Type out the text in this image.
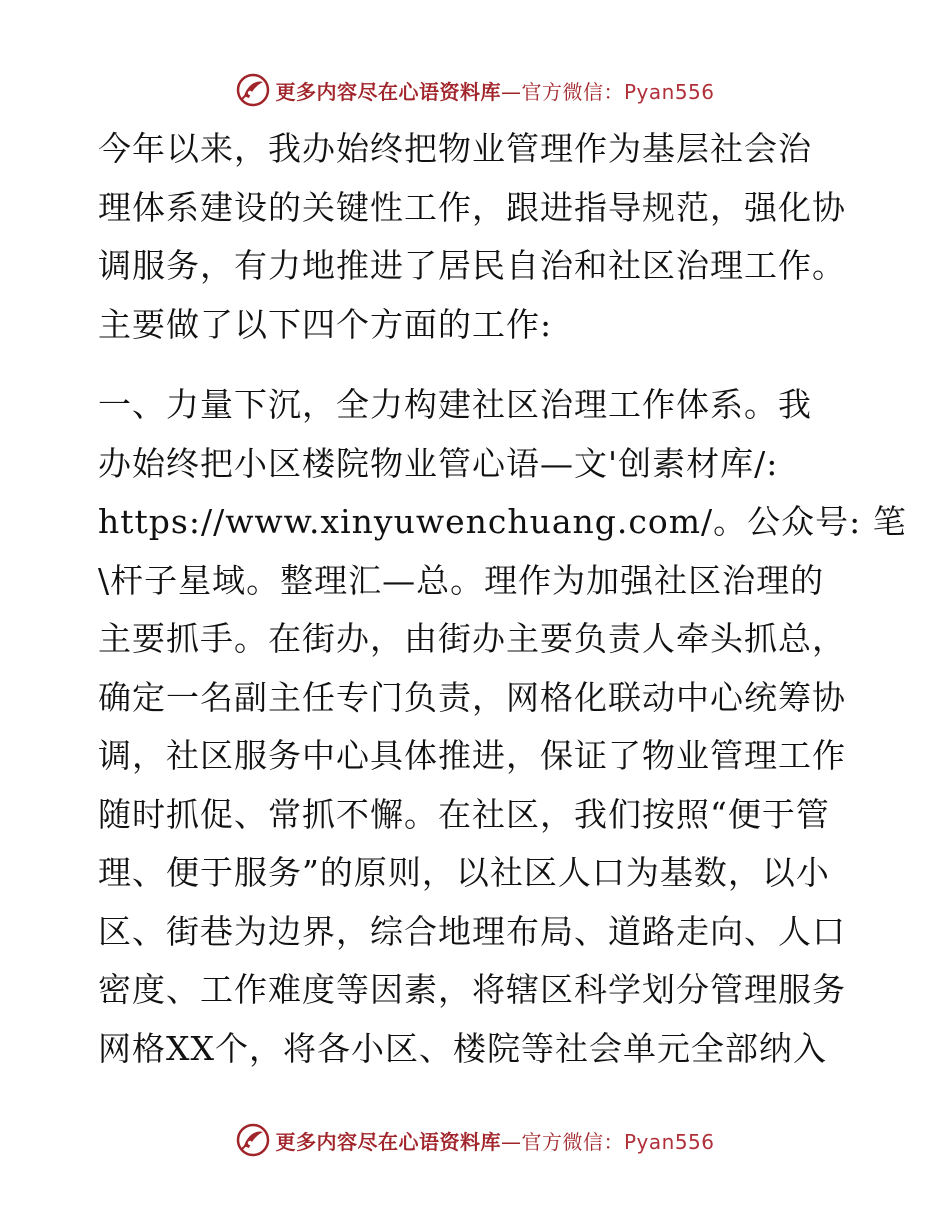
更多内容尽在心语资料库—官方微信：Pyan556
今年以来，我办始终把物业管理作为基层社会治
理体系建设的关键性工作，跟进指导规范，强化协
调服务，有力地推进了居民自治和社区治理工作。
主要做了以下四个方面的工作:
一、力量下沉，全力构建社区治理工作体系。我
办始终把小区楼院物业管心语—文'创素材库/:
https://www.xinyuwenchuang.com/。公众号: 笔
\杆子星域。整理汇—总。理作为加强社区治理的
主要抓手。在街办，由街办主要负责人牵头抓总，
确定一名副主任专门负责，网格化联动中心统筹协
调，社区服务中心具体推进，保证了物业管理工作
随时抓促、常抓不懈。在社区，我们按照“便于管
理、便于服务”的原则，以社区人口为基数，以小
区、街巷为边界，综合地理布局、道路走向、人口
密度、工作难度等因素，将辖区科学划分管理服务
网格XX个，将各小区、楼院等社会单元全部纳入
更多内容尽在心语资料库—官方微信：Pyan556
